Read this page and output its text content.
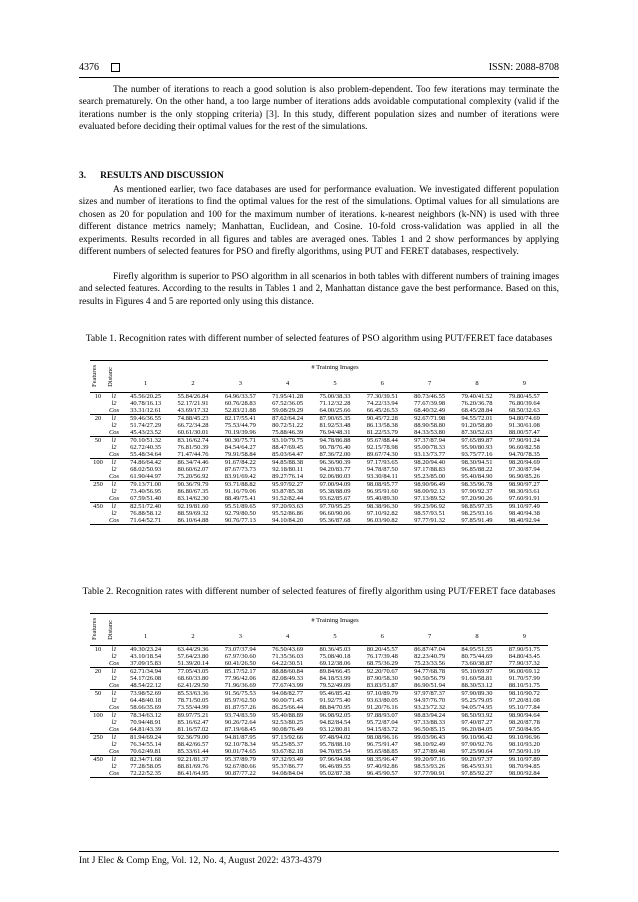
4376	ISSN: 2088-8708

The number of iterations to reach a good solution is also problem-dependent. Too few iterations may terminate the search prematurely. On the other hand, a too large number of iterations adds avoidable computational complexity (valid if the iterations number is the only stopping criteria) [3]. In this study, different population sizes and number of iterations were evaluated before deciding their optimal values for the rest of the simulations.

3.      RESULTS AND DISCUSSION

As mentioned earlier, two face databases are used for performance evaluation. We investigated different population sizes and number of iterations to find the optimal values for the rest of the simulations. Optimal values for all simulations are chosen as 20 for population and 100 for the maximum number of iterations. k-nearest neighbors (k-NN) is used with three different distance metrics namely; Manhattan, Euclidean, and Cosine. 10-fold cross-validation was applied in all the experiments. Results recorded in all figures and tables are averaged ones. Tables 1 and 2 show performances by applying different numbers of selected features for PSO and firefly algorithms, using PUT and FERET databases, respectively.

Firefly algorithm is superior to PSO algorithm in all scenarios in both tables with different numbers of training images and selected features. According to the results in Tables 1 and 2, Manhattan distance gave the best performance. Based on this, results in Figures 4 and 5 are reported only using this distance.

Table 1. Recognition rates with different number of selected features of PSO algorithm using PUT/FERET face databases
Features	Distanc	# Training Images								
		1	2	3	4	5	6	7	8	9
10	l1	45.56/20.25	55.84/26.84	64.96/33.57	71.95/41.28	75.00/38.33	77.30/39.51	80.73/46.55	79.40/41.52	79.80/45.57
	l2	40.78/16.13	52.17/21.91	60.76/28.83	67.52/36.05	71.12/32.28	74.22/33.94	77.67/39.98	76.20/36.78	76.80/39.64
	Cos	33.31/12.61	43.69/17.32	52.83/21.88	59.08/29.29	64.00/25.66	66.45/26.53	68.40/32.49	68.45/28.84	68.50/32.63
20	l1	59.46/36.55	74.88/45.23	82.17/55.41	87.62/64.24	87.90/65.35	90.45/72.28	92.67/71.98	94.55/72.01	94.80/74.69
	l2	51.74/27.29	66.72/34.28	75.53/44.79	80.72/51.22	81.92/53.48	86.13/58.38	88.90/58.80	91.20/58.80	91.30/61.08
	Cos	45.43/23.52	60.61/30.01	70.19/39.96	75.88/46.39	76.94/48.31	81.22/53.79	84.33/53.80	87.30/52.63	88.00/57.47
50	l1	70.10/51.32	83.16/62.74	90.30/75.71	93.10/79.75	94.78/86.88	95.67/88.44	97.37/87.94	97.65/89.87	97.90/91.24
	l2	62.72/40.35	76.81/50.39	84.54/64.27	88.47/69.45	90.78/76.40	92.15/78.98	95.00/78.33	95.90/80.93	96.60/82.58
	Cos	55.48/34.64	71.47/44.76	79.91/58.84	85.03/64.47	87.36/72.00	89.67/74.30	93.13/73.77	93.75/77.16	94.70/78.35
100	l1	74.86/64.42	86.34/74.46	91.67/84.22	94.85/88.38	96.36/90.39	97.17/93.65	98.20/94.40	98.30/94.51	98.20/94.69
	l2	68.02/50.93	80.60/62.07	87.67/73.73	92.18/80.11	94.20/83.77	94.78/87.50	97.17/88.83	96.85/88.22	97.30/87.94
	Cos	61.90/44.97	75.20/56.92	83.91/69.42	89.27/76.14	92.06/80.03	93.30/84.11	95.23/85.00	95.40/84.90	96.90/85.26
250	l1	79.13/71.00	90.36/79.79	93.71/88.82	95.97/92.27	97.00/94.09	98.08/95.77	98.90/96.49	98.35/96.78	98.90/97.27
	l2	73.40/56.95	86.80/67.35	91.16/79.06	93.87/85.38	95.38/88.09	96.95/91.60	98.00/92.13	97.90/92.37	98.30/93.61
	Cos	67.59/51.40	83.14/62.30	88.49/75.41	91.52/82.44	93.62/85.67	95.40/89.30	97.13/89.52	97.20/90.26	97.60/91.91
450	l1	82.51/72.40	92.19/81.60	95.51/89.65	97.20/93.63	97.70/95.25	98.38/96.30	99.23/96.92	98.85/97.35	99.10/97.49
	l2	76.88/58.12	88.59/69.32	92.79/80.50	95.52/86.86	96.60/90.06	97.10/92.82	98.57/93.51	98.25/93.16	98.40/94.38
	Cos	71.64/52.71	86.10/64.88	90.76/77.13	94.10/84.20	95.36/87.68	96.03/90.82	97.77/91.32	97.85/91.49	98.40/92.94
Table 2. Recognition rates with different number of selected features of firefly algorithm using PUT/FERET face databases
Features	Distanc	# Training Images								
		1	2	3	4	5	6	7	8	9
10	l1	49.30/23.24	63.44/29.36	73.07/37.94	76.50/43.69	80.36/45.03	80.20/45.57	86.87/47.04	84.95/51.55	87.90/51.75
	l2	43.10/18.54	57.64/23.80	67.97/30.60	71.35/36.03	75.08/40.18	76.17/39.48	82.23/40.79	80.75/44.69	84.80/43.45
	Cos	37.09/15.83	51.39/20.14	60.41/26.50	64.22/30.51	69.12/38.06	68.75/36.29	75.23/33.56	73.60/38.87	77.90/37.32
20	l1	62.71/34.94	77.05/43.05	85.17/52.17	88.88/60.84	89.84/66.45	92.20/70.67	94.77/68.78	95.10/69.97	96.00/69.12
	l2	54.17/26.08	68.60/33.80	77.96/42.06	82.08/49.33	84.18/53.99	87.90/58.30	90.50/56.79	91.60/58.81	91.70/57.99
	Cos	48.54/22.12	62.41/29.50	71.96/36.69	77.67/43.99	79.52/49.09	83.83/51.87	86.90/51.94	88.30/53.12	88.10/51.75
50	l1	73.98/52.69	85.53/63.36	91.56/75.53	94.08/82.77	95.46/85.42	97.10/89.79	97.97/87.37	97.90/89.30	98.10/90.72
	l2	64.48/40.18	78.71/50.05	85.97/62.50	90.00/71.45	91.92/75.40	93.63/80.05	94.97/76.70	95.25/79.05	97.20/81.08
	Cos	58.66/35.69	73.55/44.99	81.87/57.26	86.25/66.44	88.84/70.95	91.20/76.16	93.23/72.32	94.05/74.95	95.10/77.84
100	l1	78.34/63.12	89.97/75.21	93.74/83.59	95.40/88.89	96.98/92.05	97.88/93.07	98.83/94.24	98.50/93.92	98.90/94.64
	l2	70.94/48.91	85.16/62.47	90.26/72.64	92.53/80.25	94.82/84.54	95.72/87.04	97.33/88.33	97.40/87.27	98.20/87.78
	Cos	64.81/43.39	81.16/57.02	87.19/68.45	90.08/76.49	93.12/80.81	94.15/83.72	96.50/85.15	96.20/84.05	97.50/84.95
250	l1	81.94/69.24	92.36/79.00	94.81/87.95	97.13/92.66	97.48/94.02	98.08/96.16	99.03/96.43	99.10/96.42	99.10/96.96
	l2	76.34/55.14	88.42/66.57	92.10/78.34	95.25/85.37	95.78/88.10	96.75/91.47	98.10/92.49	97.90/92.76	98.10/93.20
	Cos	70.62/49.81	85.33/61.44	90.01/74.65	93.67/82.18	94.70/85.54	95.65/88.85	97.27/89.48	97.25/90.64	97.50/91.19
450	l1	82.34/71.68	92.21/81.37	95.37/89.79	97.32/93.49	97.96/94.98	98.35/96.47	99.20/97.16	99.20/97.37	99.10/97.89
	l2	77.28/58.05	88.81/69.76	92.67/80.66	95.37/86.77	96.46/89.55	97.40/92.86	98.53/93.26	98.45/93.91	98.70/94.85
	Cos	72.22/52.35	86.41/64.95	90.87/77.22	94.08/84.04	95.02/87.38	96.45/90.57	97.77/90.91	97.85/92.27	98.00/92.84
Int J Elec & Comp Eng, Vol. 12, No. 4, August 2022: 4373-4379
